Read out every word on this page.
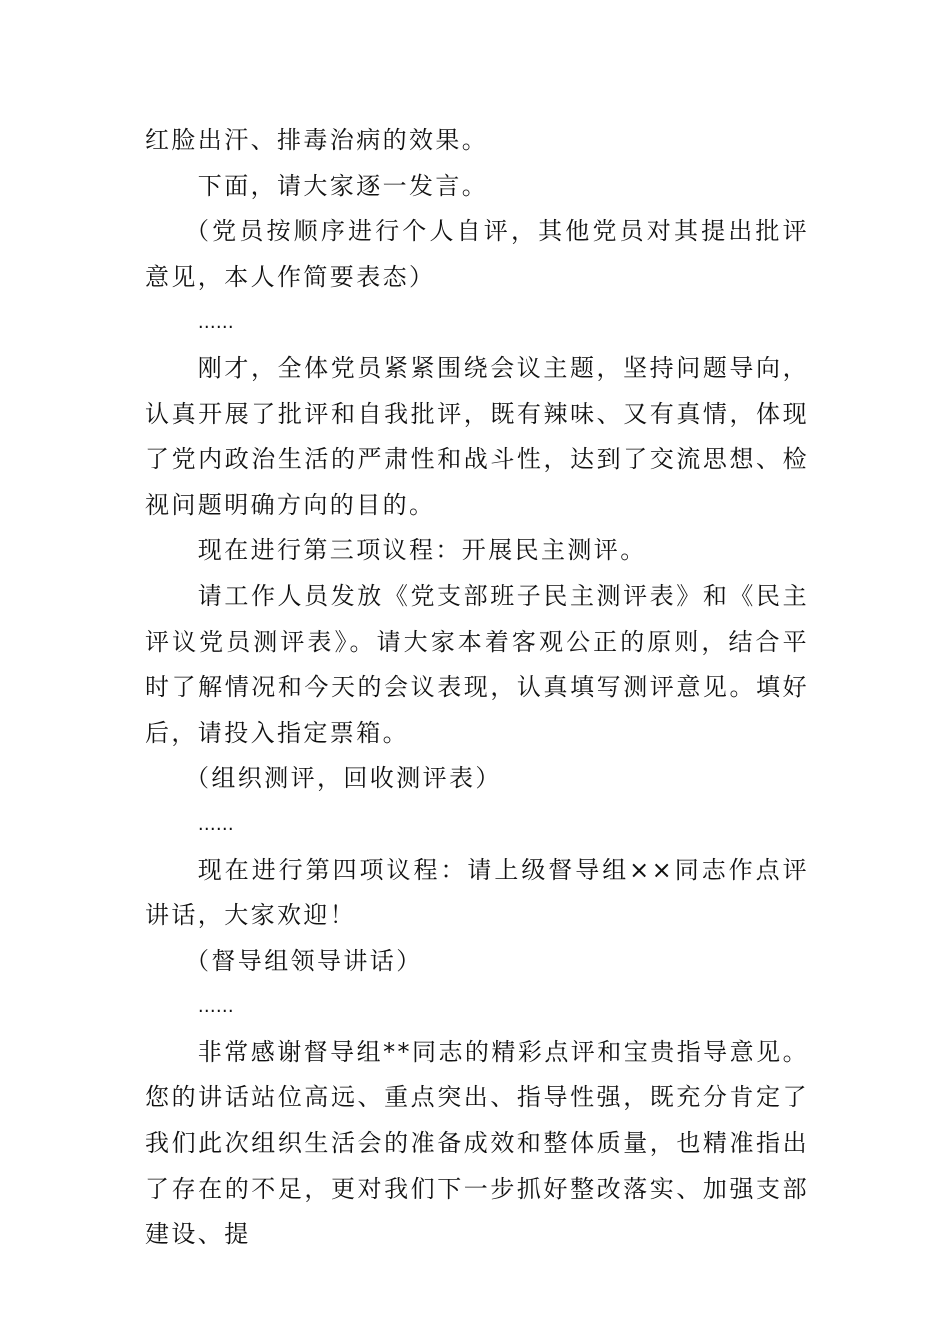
红脸出汗、排毒治病的效果。

下面，请大家逐一发言。

（党员按顺序进行个人自评，其他党员对其提出批评意见，本人作简要表态）

……

刚才，全体党员紧紧围绕会议主题，坚持问题导向，认真开展了批评和自我批评，既有辣味、又有真情，体现了党内政治生活的严肃性和战斗性，达到了交流思想、检视问题明确方向的目的。

现在进行第三项议程：开展民主测评。

请工作人员发放《党支部班子民主测评表》和《民主评议党员测评表》。请大家本着客观公正的原则，结合平时了解情况和今天的会议表现，认真填写测评意见。填好后，请投入指定票箱。

（组织测评，回收测评表）

……

现在进行第四项议程：请上级督导组××同志作点评讲话，大家欢迎！

（督导组领导讲话）

……

非常感谢督导组**同志的精彩点评和宝贵指导意见。您的讲话站位高远、重点突出、指导性强，既充分肯定了我们此次组织生活会的准备成效和整体质量，也精准指出了存在的不足，更对我们下一步抓好整改落实、加强支部建设、提
